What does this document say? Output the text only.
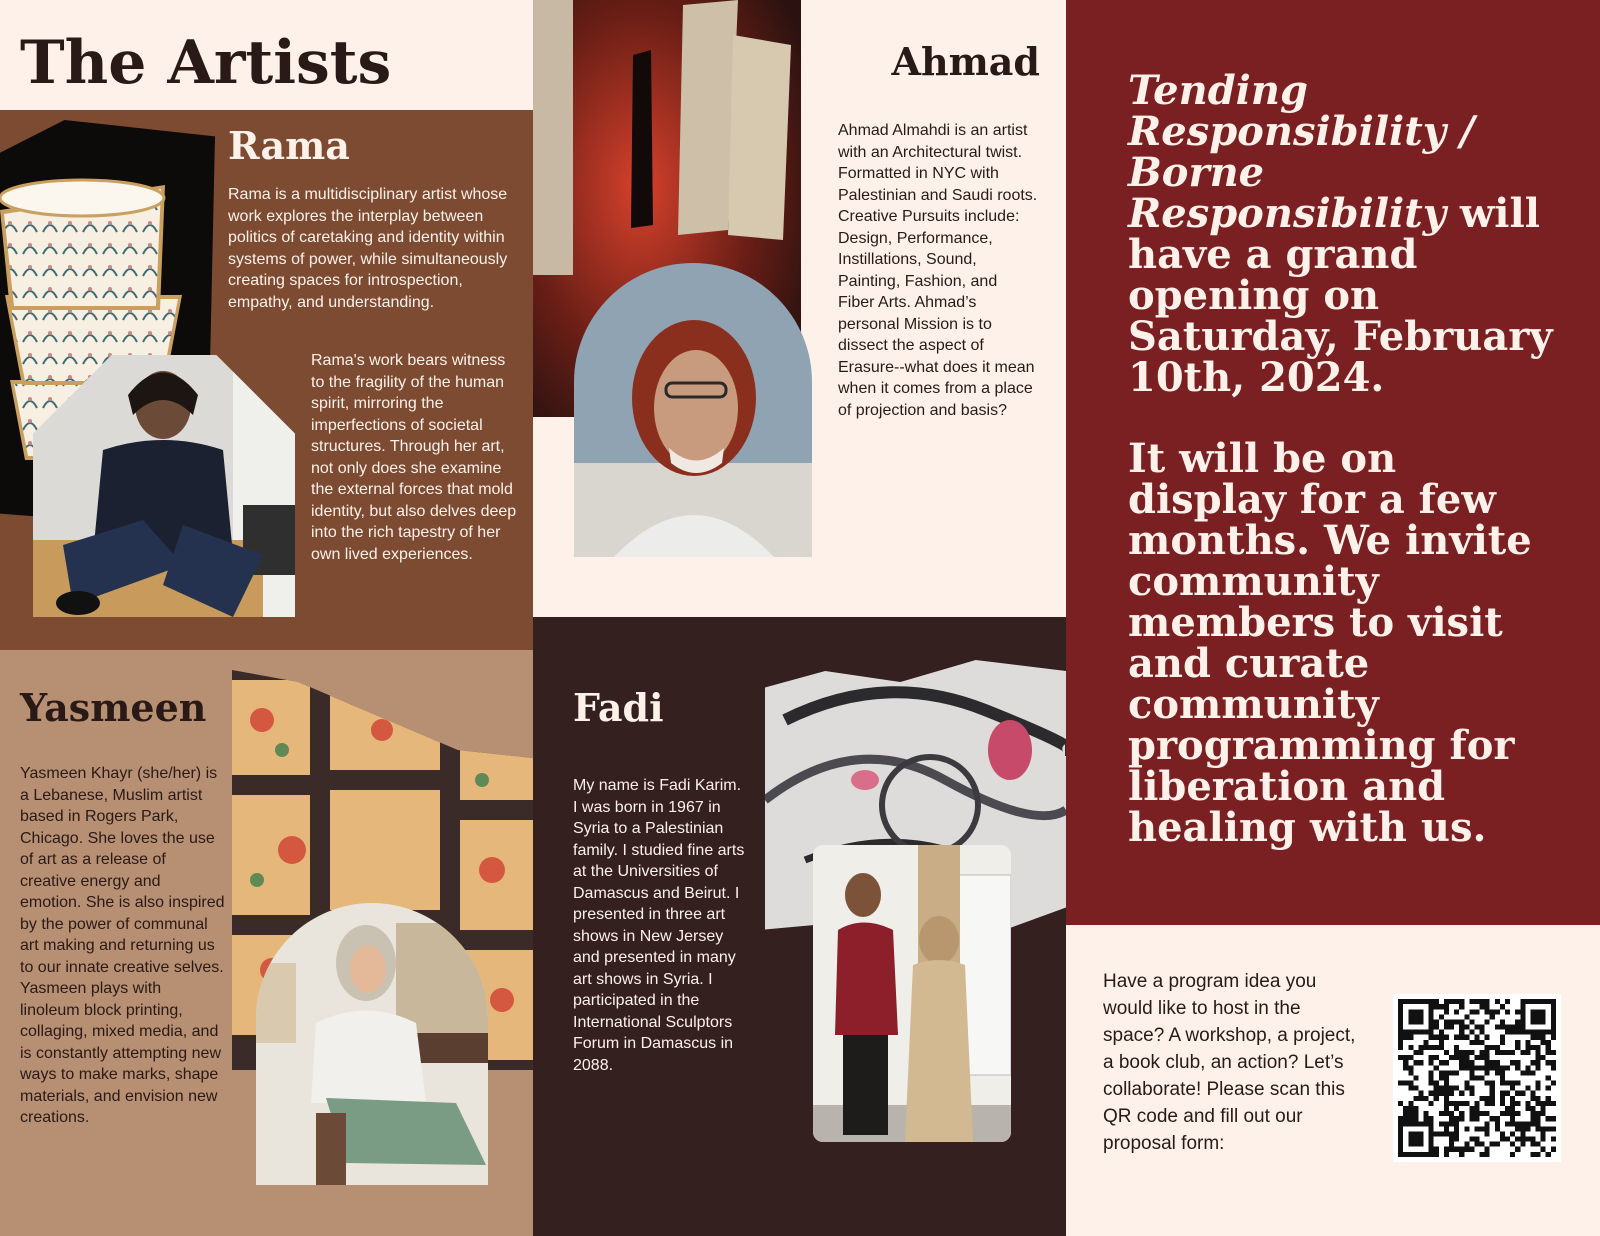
The Artists
Rama

Rama is a multidisciplinary artist whose work explores the interplay between politics of caretaking and identity within systems of power, while simultaneously creating spaces for introspection, empathy, and understanding.

Rama's work bears witness to the fragility of the human spirit, mirroring the imperfections of societal structures. Through her art, not only does she examine the external forces that mold identity, but also delves deep into the rich tapestry of her own lived experiences.

Ahmad

Ahmad Almahdi is an artist with an Architectural twist. Formatted in NYC with Palestinian and Saudi roots. Creative Pursuits include: Design, Performance, Instillations, Sound, Painting, Fashion, and Fiber Arts. Ahmad’s personal Mission is to dissect the aspect of Erasure--what does it mean when it comes from a place of projection and basis?

Yasmeen

Yasmeen Khayr (she/her) is a Lebanese, Muslim artist based in Rogers Park, Chicago. She loves the use of art as a release of creative energy and emotion. She is also inspired by the power of communal art making and returning us to our innate creative selves. Yasmeen plays with linoleum block printing, collaging, mixed media, and is constantly attempting new ways to make marks, shape materials, and envision new creations.

Fadi

My name is Fadi Karim. I was born in 1967 in Syria to a Palestinian family. I studied fine arts at the Universities of Damascus and Beirut. I presented in three art shows in New Jersey and presented in many art shows in Syria. I participated in the International Sculptors Forum in Damascus in 2088.

Tending Responsibility / Borne Responsibility will have a grand opening on Saturday, February 10th, 2024.
It will be on display for a few months. We invite community members to visit and curate community programming for liberation and healing with us.

Have a program idea you would like to host in the space? A workshop, a project, a book club, an action? Let’s collaborate! Please scan this QR code and fill out our proposal form:
